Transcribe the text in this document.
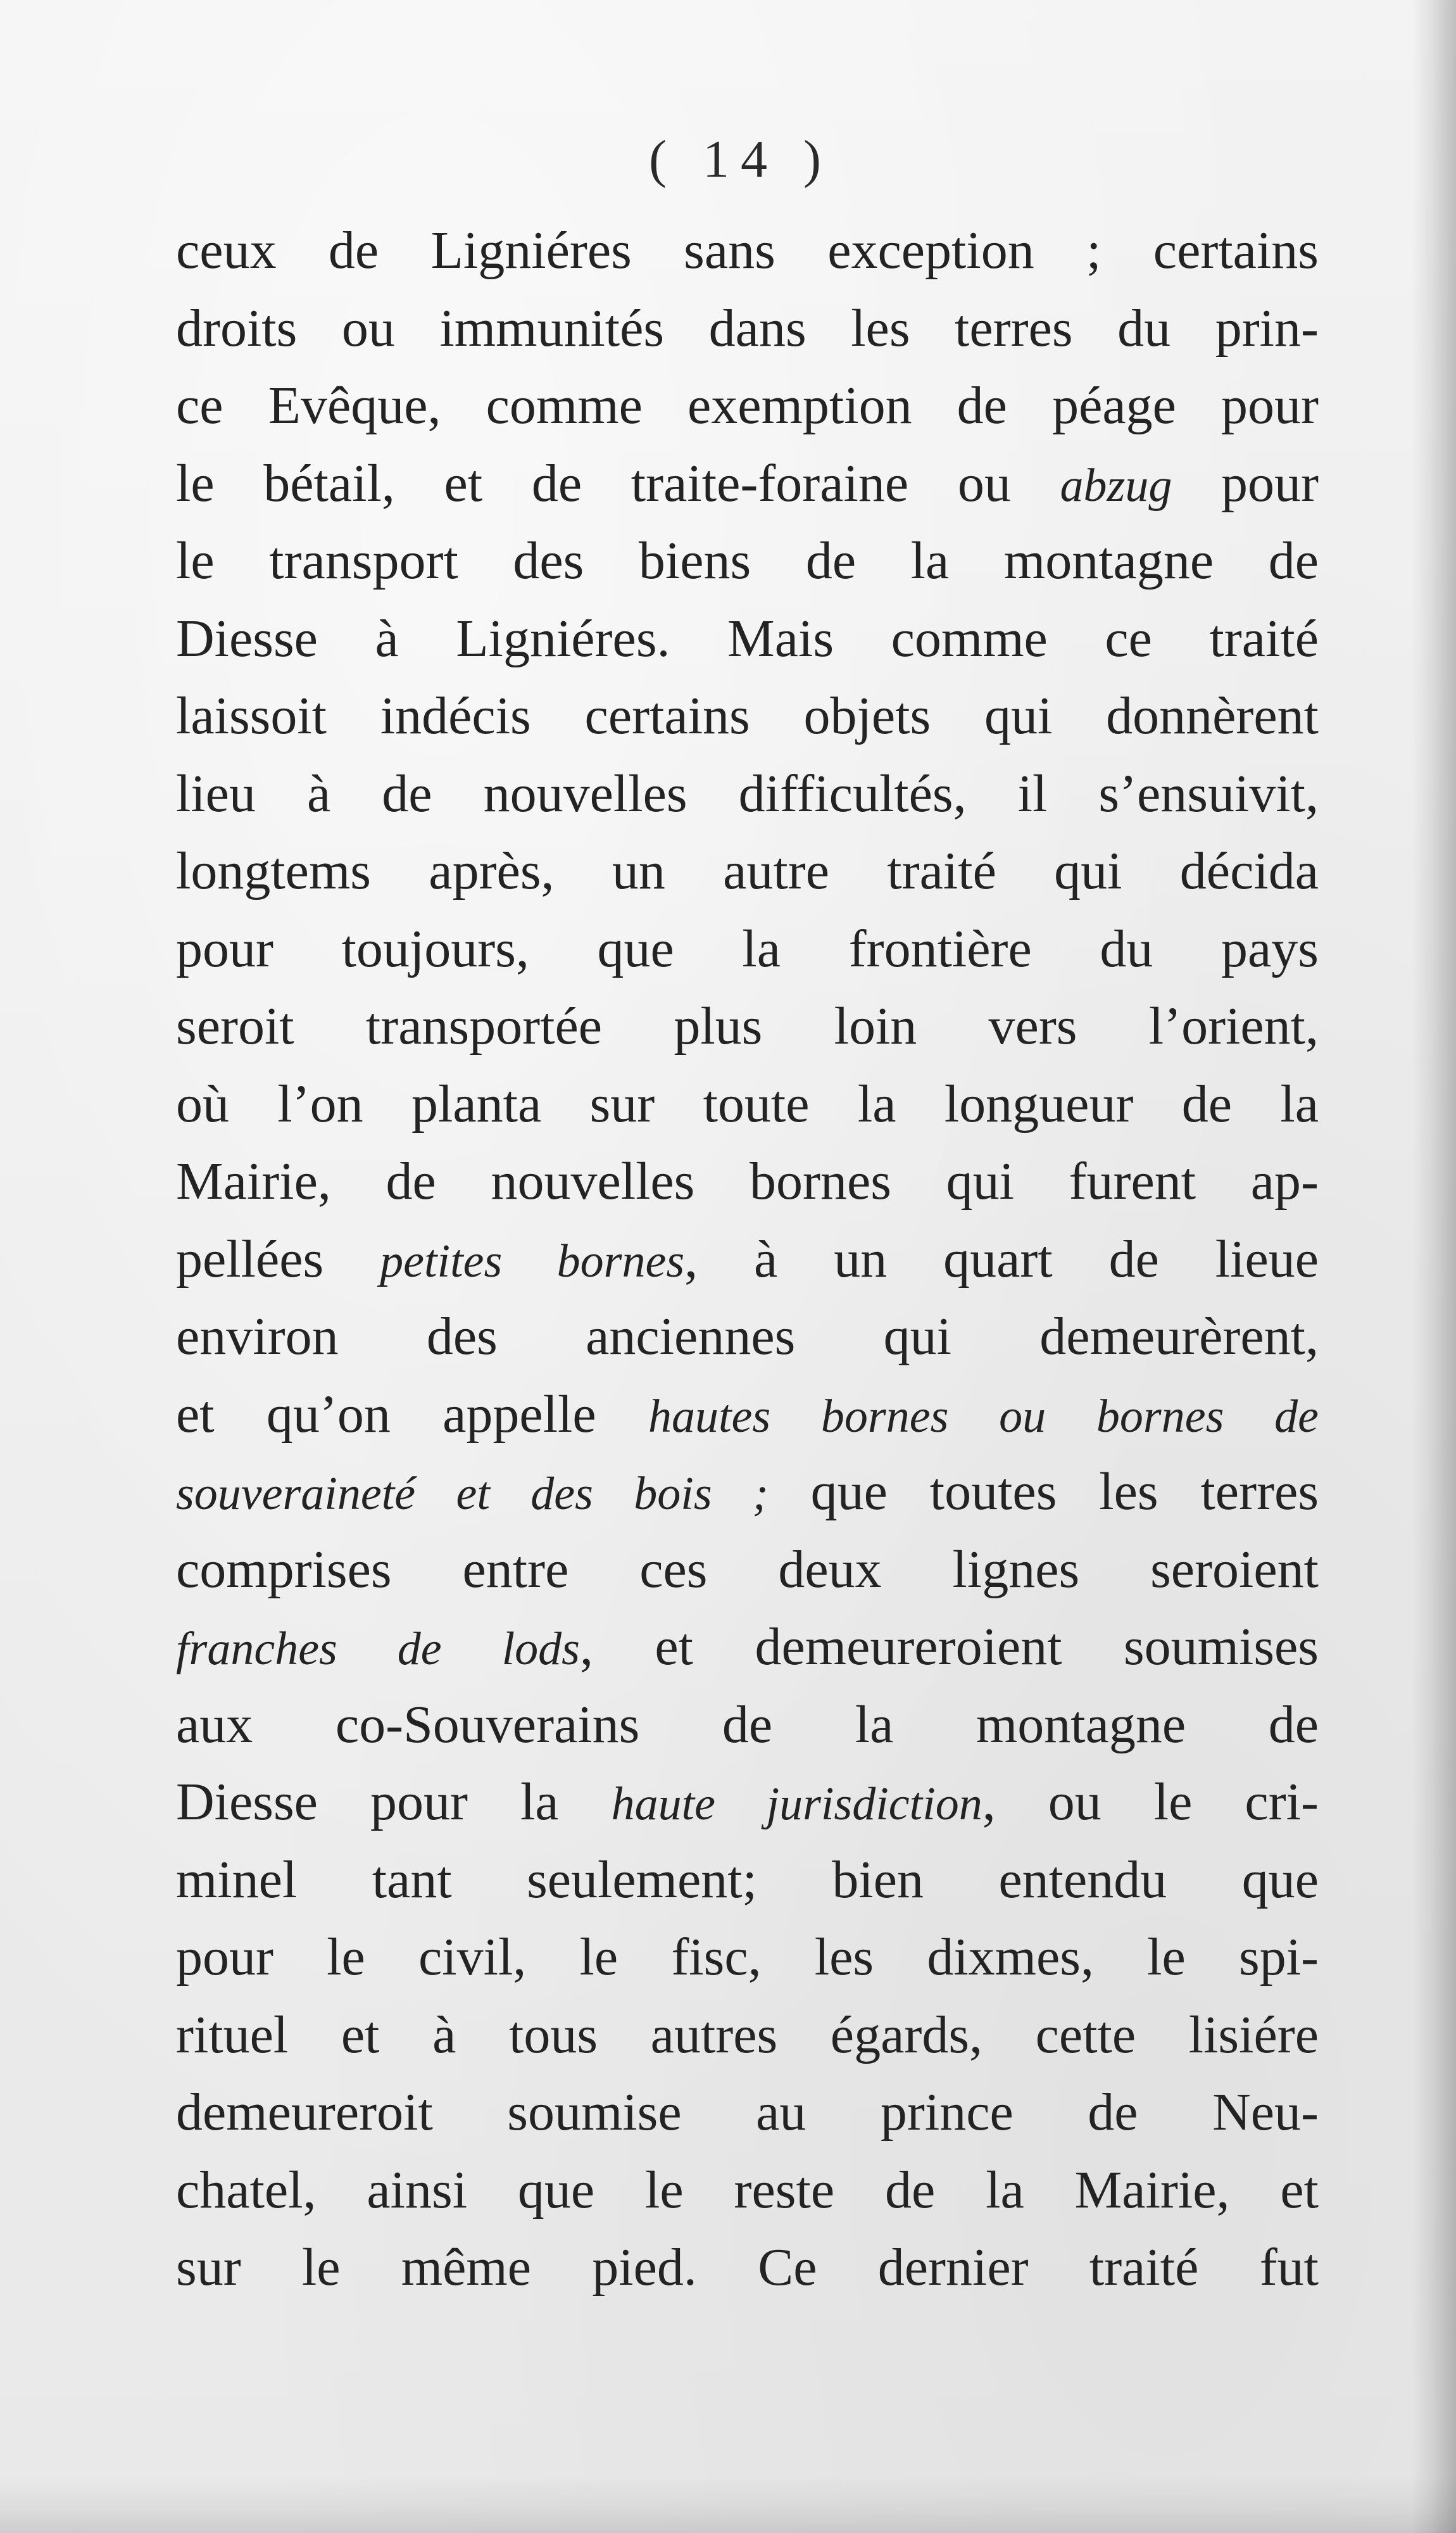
( 14 )
ceux de Ligniéres sans exception ; certains
droits ou immunités dans les terres du prin-
ce Evêque, comme exemption de péage pour
le bétail, et de traite-foraine ou abzug pour
le transport des biens de la montagne de
Diesse à Ligniéres. Mais comme ce traité
laissoit indécis certains objets qui donnèrent
lieu à de nouvelles difficultés, il s’ensuivit,
longtems après, un autre traité qui décida
pour toujours, que la frontière du pays
seroit transportée plus loin vers l’orient,
où l’on planta sur toute la longueur de la
Mairie, de nouvelles bornes qui furent ap-
pellées petites bornes, à un quart de lieue
environ des anciennes qui demeurèrent,
et qu’on appelle hautes bornes ou bornes de
souveraineté et des bois ; que toutes les terres
comprises entre ces deux lignes seroient
franches de lods, et demeureroient soumises
aux co-Souverains de la montagne de
Diesse pour la haute jurisdiction, ou le cri-
minel tant seulement; bien entendu que
pour le civil, le fisc, les dixmes, le spi-
rituel et à tous autres égards, cette lisiére
demeureroit soumise au prince de Neu-
chatel, ainsi que le reste de la Mairie, et
sur le même pied. Ce dernier traité fut
